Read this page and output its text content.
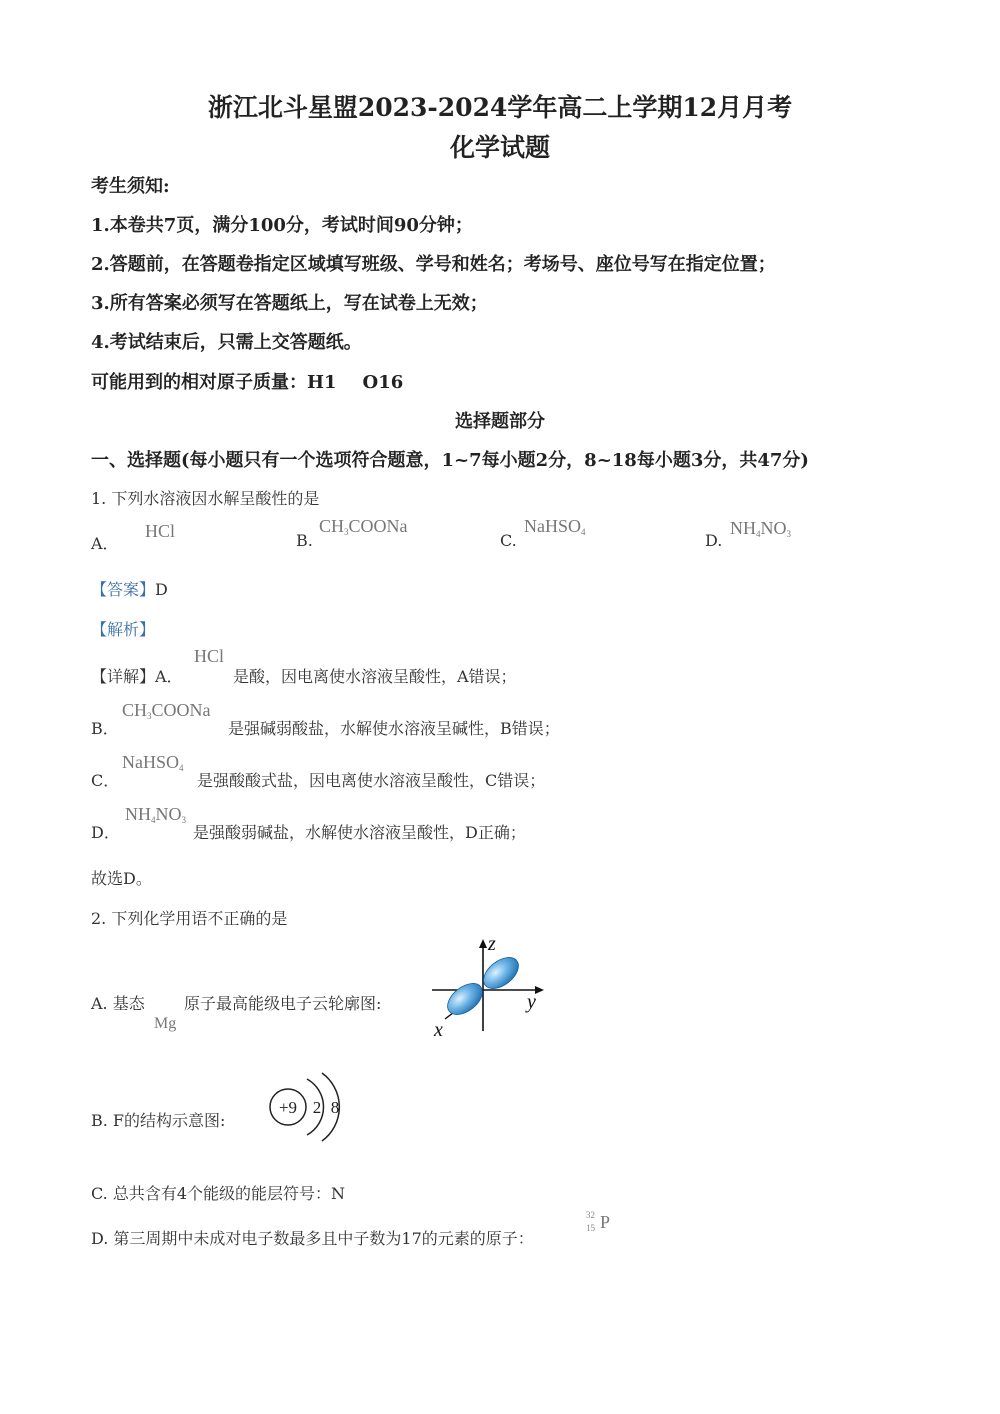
浙江北斗星盟2023-2024学年高二上学期12月月考
化学试题
考生须知:
1.本卷共7页，满分100分，考试时间90分钟；
2.答题前，在答题卷指定区域填写班级、学号和姓名；考场号、座位号写在指定位置；
3.所有答案必须写在答题纸上，写在试卷上无效；
4.考试结束后，只需上交答题纸。
可能用到的相对原子质量：H1 O16
选择题部分
一、选择题(每小题只有一个选项符合题意，1~7每小题2分，8~18每小题3分，共47分)
1. 下列水溶液因水解呈酸性的是
A．
HCl	B.
$CH_3COONa$
C.
NaHSO$_4$	D.
$NH_4NO_3$
【答案】D
【解析】
【详解】A．
HCl
是酸，因电离使水溶液呈酸性，A错误；
B．
$CH_3COONa$
是强碱弱酸盐，水解使水溶液呈碱性，B错误；
C．
NaHSO$_4$
是强酸酸式盐，因电离使水溶液呈酸性，C错误；
D．
$NH_4NO_3$
是强酸弱碱盐，水解使水溶液呈酸性，D正确；
故选D。
2. 下列化学用语不正确的是
A. 基态
Mg
原子最高能级电子云轮廓图:
z
y
x
B. F的结构示意图:
+9 2 8
C. 总共含有4个能级的能层符号：N
D. 第三周期中未成对电子数最多且中子数为17的元素的原子：
32
15 P
